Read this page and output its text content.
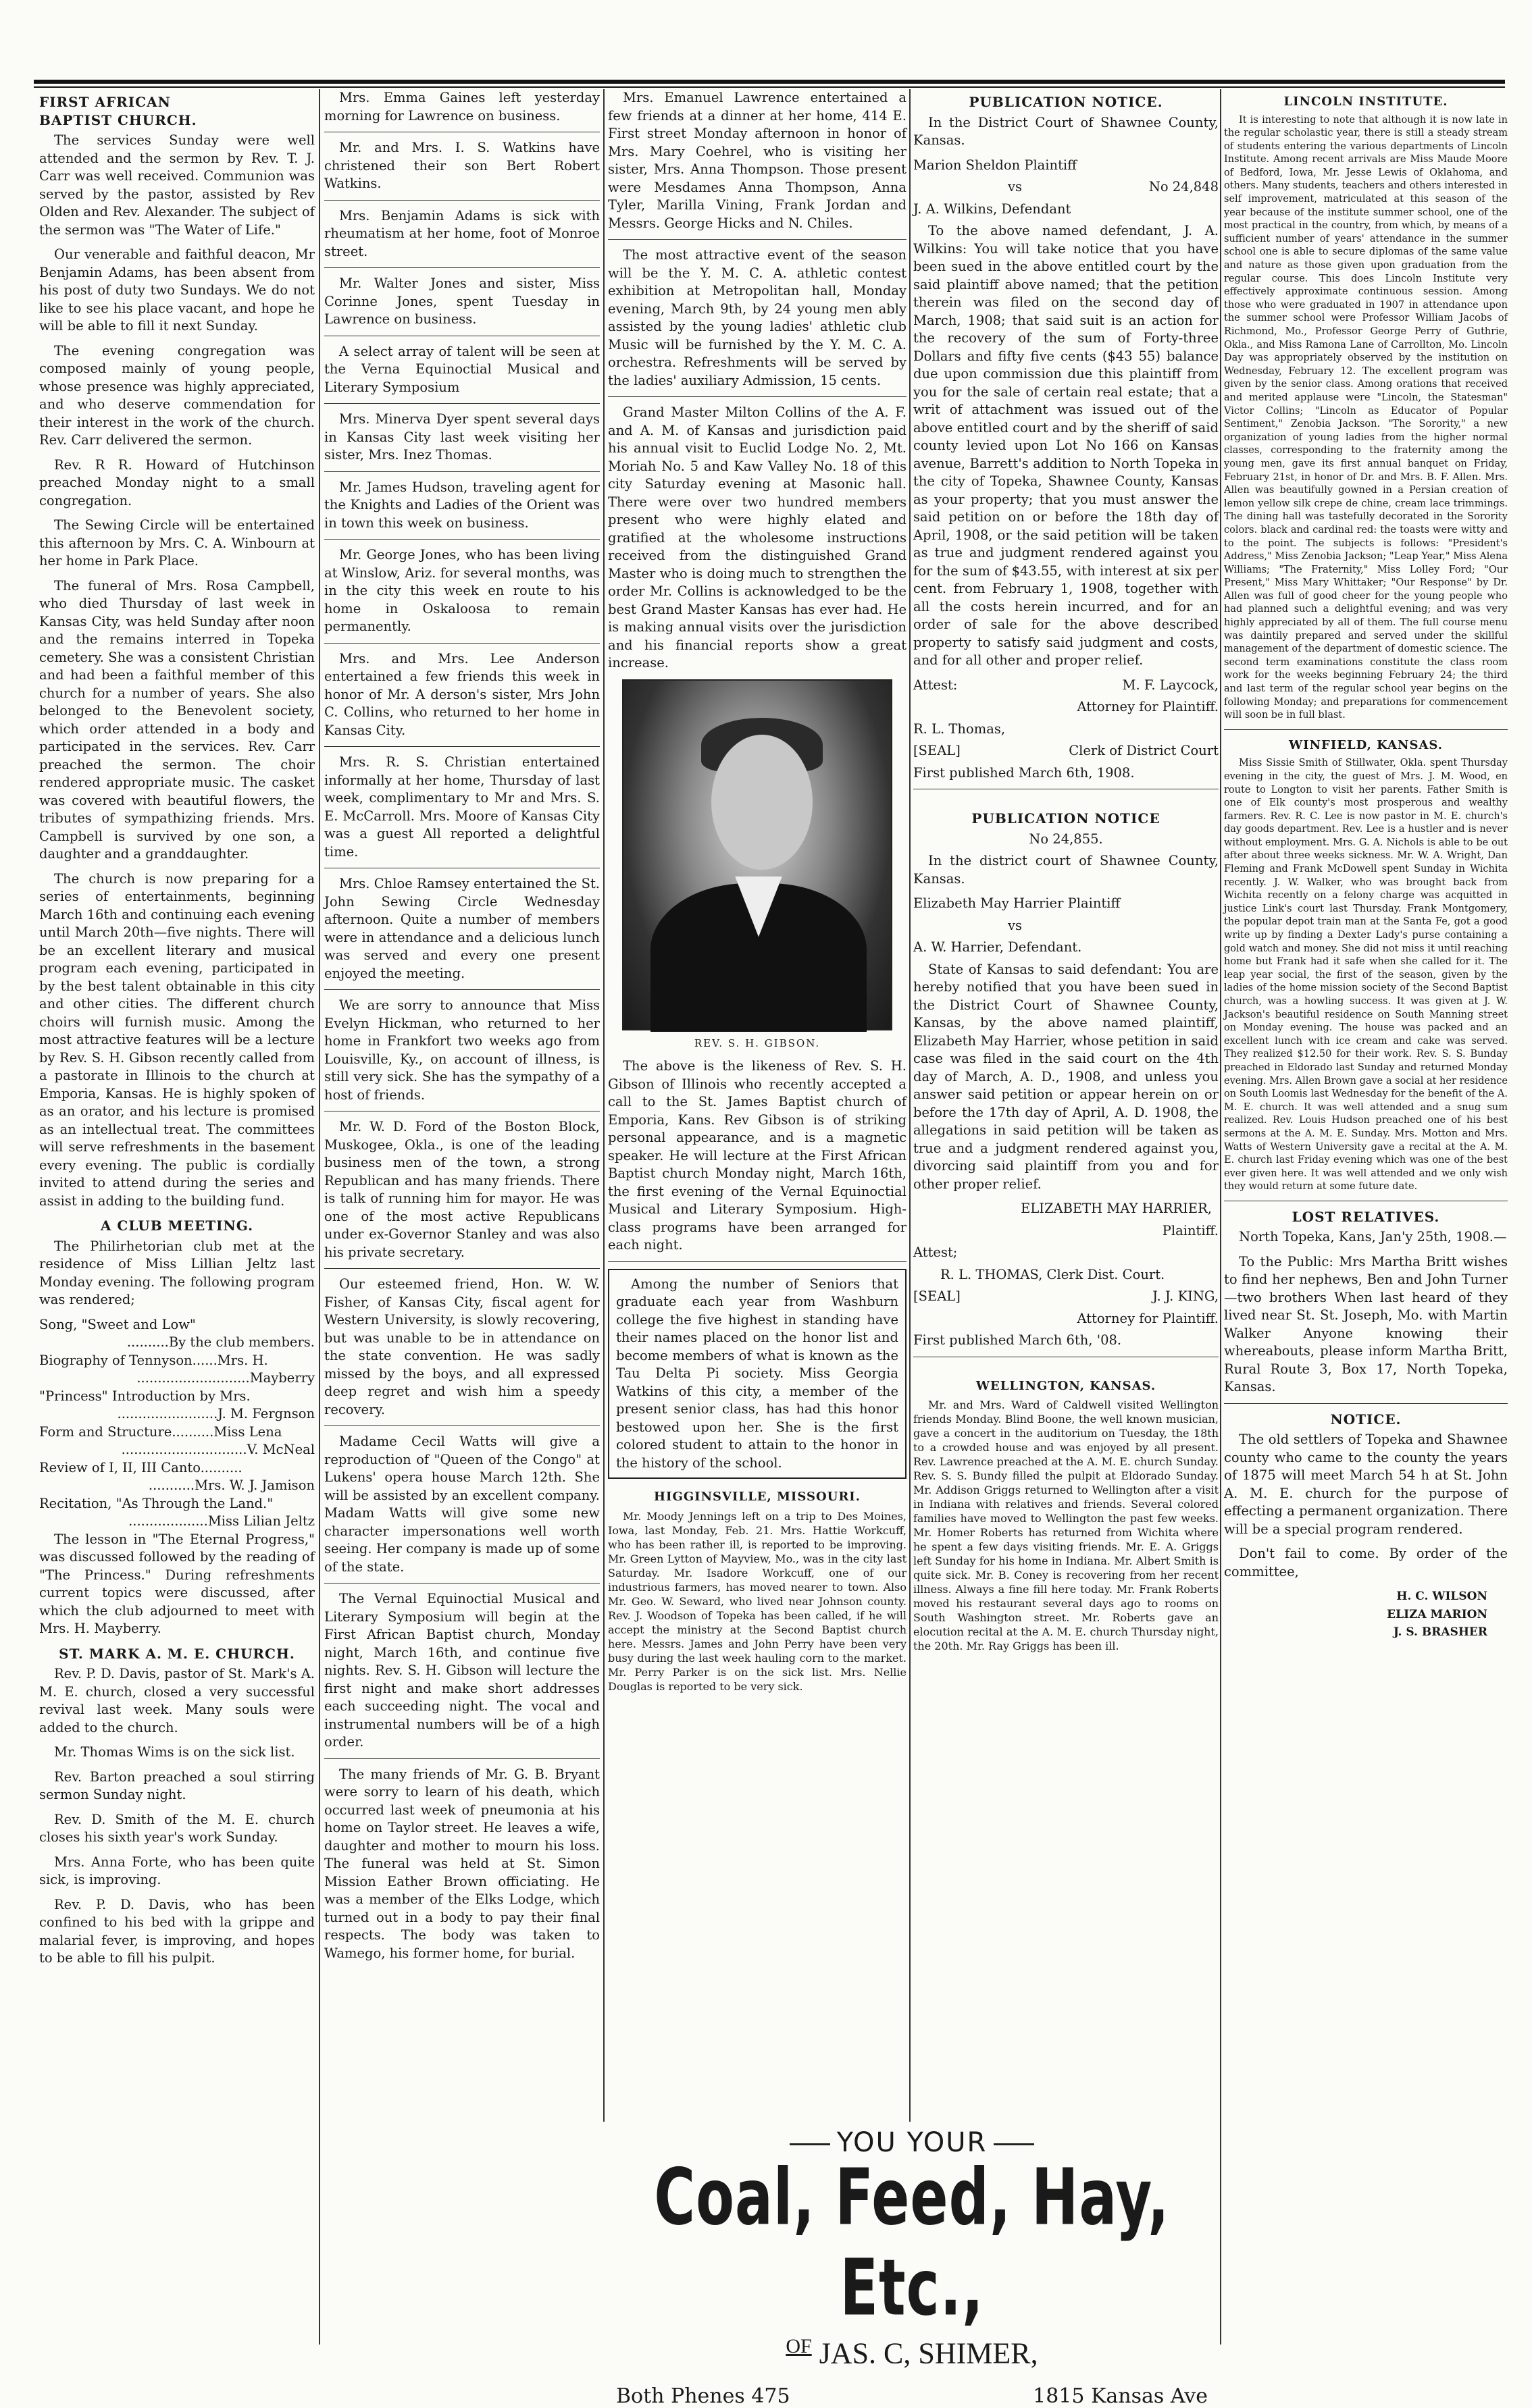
FIRST AFRICAN
BAPTIST CHURCH.

The services Sunday were well attended and the sermon by Rev. T. J. Carr was well received. Communion was served by the pastor, assisted by Rev Olden and Rev. Alexander. The subject of the sermon was "The Water of Life."

Our venerable and faithful deacon, Mr Benjamin Adams, has been absent from his post of duty two Sundays. We do not like to see his place vacant, and hope he will be able to fill it next Sunday.

The evening congregation was composed mainly of young people, whose presence was highly appreciated, and who deserve commendation for their interest in the work of the church. Rev. Carr delivered the sermon.

Rev. R R. Howard of Hutchinson preached Monday night to a small congregation.

The Sewing Circle will be entertained this afternoon by Mrs. C. A. Winbourn at her home in Park Place.

The funeral of Mrs. Rosa Campbell, who died Thursday of last week in Kansas City, was held Sunday after noon and the remains interred in Topeka cemetery. She was a consistent Christian and had been a faithful member of this church for a number of years. She also belonged to the Benevolent society, which order attended in a body and participated in the services. Rev. Carr preached the sermon. The choir rendered appropriate music. The casket was covered with beautiful flowers, the tributes of sympathizing friends. Mrs. Campbell is survived by one son, a daughter and a granddaughter.

The church is now preparing for a series of entertainments, beginning March 16th and continuing each evening until March 20th—five nights. There will be an excellent literary and musical program each evening, participated in by the best talent obtainable in this city and other cities. The different church choirs will furnish music. Among the most attractive features will be a lecture by Rev. S. H. Gibson recently called from a pastorate in Illinois to the church at Emporia, Kansas. He is highly spoken of as an orator, and his lecture is promised as an intellectual treat. The committees will serve refreshments in the basement every evening. The public is cordially invited to attend during the series and assist in adding to the building fund.

A CLUB MEETING.

The Philirhetorian club met at the residence of Miss Lillian Jeltz last Monday evening. The following program was rendered;

Song, "Sweet and Low"
..........By the club members.
Biography of Tennyson......Mrs. H.
...........................Mayberry
"Princess" Introduction by Mrs.
........................J. M. Fergnson
Form and Structure..........Miss Lena
..............................V. McNeal
Review of I, II, III Canto..........
...........Mrs. W. J. Jamison
Recitation, "As Through the Land."
...................Miss Lilian Jeltz

The lesson in "The Eternal Progress," was discussed followed by the reading of "The Princess." During refreshments current topics were discussed, after which the club adjourned to meet with Mrs. H. Mayberry.

ST. MARK A. M. E. CHURCH.

Rev. P. D. Davis, pastor of St. Mark's A. M. E. church, closed a very successful revival last week. Many souls were added to the church.

Mr. Thomas Wims is on the sick list.

Rev. Barton preached a soul stirring sermon Sunday night.

Rev. D. Smith of the M. E. church closes his sixth year's work Sunday.

Mrs. Anna Forte, who has been quite sick, is improving.

Rev. P. D. Davis, who has been confined to his bed with la grippe and malarial fever, is improving, and hopes to be able to fill his pulpit.

Mrs. Emma Gaines left yesterday morning for Lawrence on business.

Mr. and Mrs. I. S. Watkins have christened their son Bert Robert Watkins.

Mrs. Benjamin Adams is sick with rheumatism at her home, foot of Monroe street.

Mr. Walter Jones and sister, Miss Corinne Jones, spent Tuesday in Lawrence on business.

A select array of talent will be seen at the Verna Equinoctial Musical and Literary Symposium

Mrs. Minerva Dyer spent several days in Kansas City last week visiting her sister, Mrs. Inez Thomas.

Mr. James Hudson, traveling agent for the Knights and Ladies of the Orient was in town this week on business.

Mr. George Jones, who has been living at Winslow, Ariz. for several months, was in the city this week en route to his home in Oskaloosa to remain permanently.

Mrs. and Mrs. Lee Anderson entertained a few friends this week in honor of Mr. A derson's sister, Mrs John C. Collins, who returned to her home in Kansas City.

Mrs. R. S. Christian entertained informally at her home, Thursday of last week, complimentary to Mr and Mrs. S. E. McCarroll. Mrs. Moore of Kansas City was a guest All reported a delightful time.

Mrs. Chloe Ramsey entertained the St. John Sewing Circle Wednesday afternoon. Quite a number of members were in attendance and a delicious lunch was served and every one present enjoyed the meeting.

We are sorry to announce that Miss Evelyn Hickman, who returned to her home in Frankfort two weeks ago from Louisville, Ky., on account of illness, is still very sick. She has the sympathy of a host of friends.

Mr. W. D. Ford of the Boston Block, Muskogee, Okla., is one of the leading business men of the town, a strong Republican and has many friends. There is talk of running him for mayor. He was one of the most active Republicans under ex-Governor Stanley and was also his private secretary.

Our esteemed friend, Hon. W. W. Fisher, of Kansas City, fiscal agent for Western University, is slowly recovering, but was unable to be in attendance on the state convention. He was sadly missed by the boys, and all expressed deep regret and wish him a speedy recovery.

Madame Cecil Watts will give a reproduction of "Queen of the Congo" at Lukens' opera house March 12th. She will be assisted by an excellent company. Madam Watts will give some new character impersonations well worth seeing. Her company is made up of some of the state.

The Vernal Equinoctial Musical and Literary Symposium will begin at the First African Baptist church, Monday night, March 16th, and continue five nights. Rev. S. H. Gibson will lecture the first night and make short addresses each succeeding night. The vocal and instrumental numbers will be of a high order.

The many friends of Mr. G. B. Bryant were sorry to learn of his death, which occurred last week of pneumonia at his home on Taylor street. He leaves a wife, daughter and mother to mourn his loss. The funeral was held at St. Simon Mission Eather Brown officiating. He was a member of the Elks Lodge, which turned out in a body to pay their final respects. The body was taken to Wamego, his former home, for burial.

Mrs. Emanuel Lawrence entertained a few friends at a dinner at her home, 414 E. First street Monday afternoon in honor of Mrs. Mary Coehrel, who is visiting her sister, Mrs. Anna Thompson. Those present were Mesdames Anna Thompson, Anna Tyler, Marilla Vining, Frank Jordan and Messrs. George Hicks and N. Chiles.

The most attractive event of the season will be the Y. M. C. A. athletic contest exhibition at Metropolitan hall, Monday evening, March 9th, by 24 young men ably assisted by the young ladies' athletic club Music will be furnished by the Y. M. C. A. orchestra. Refreshments will be served by the ladies' auxiliary Admission, 15 cents.

Grand Master Milton Collins of the A. F. and A. M. of Kansas and jurisdiction paid his annual visit to Euclid Lodge No. 2, Mt. Moriah No. 5 and Kaw Valley No. 18 of this city Saturday evening at Masonic hall. There were over two hundred members present who were highly elated and gratified at the wholesome instructions received from the distinguished Grand Master who is doing much to strengthen the order Mr. Collins is acknowledged to be the best Grand Master Kansas has ever had. He is making annual visits over the jurisdiction and his financial reports show a great increase.

REV. S. H. GIBSON.

The above is the likeness of Rev. S. H. Gibson of Illinois who recently accepted a call to the St. James Baptist church of Emporia, Kans. Rev Gibson is of striking personal appearance, and is a magnetic speaker. He will lecture at the First African Baptist church Monday night, March 16th, the first evening of the Vernal Equinoctial Musical and Literary Symposium. High-class programs have been arranged for each night.

Among the number of Seniors that graduate each year from Washburn college the five highest in standing have their names placed on the honor list and become members of what is known as the Tau Delta Pi society. Miss Georgia Watkins of this city, a member of the present senior class, has had this honor bestowed upon her. She is the first colored student to attain to the honor in the history of the school.

HIGGINSVILLE, MISSOURI.

Mr. Moody Jennings left on a trip to Des Moines, Iowa, last Monday, Feb. 21. Mrs. Hattie Workcuff, who has been rather ill, is reported to be improving. Mr. Green Lytton of Mayview, Mo., was in the city last Saturday. Mr. Isadore Workcuff, one of our industrious farmers, has moved nearer to town. Also Mr. Geo. W. Seward, who lived near Johnson county. Rev. J. Woodson of Topeka has been called, if he will accept the ministry at the Second Baptist church here. Messrs. James and John Perry have been very busy during the last week hauling corn to the market. Mr. Perry Parker is on the sick list. Mrs. Nellie Douglas is reported to be very sick.

PUBLICATION NOTICE.

In the District Court of Shawnee County, Kansas.

Marion Sheldon Plaintiff
vs	No 24,848
J. A. Wilkins, Defendant

To the above named defendant, J. A. Wilkins: You will take notice that you have been sued in the above entitled court by the said plaintiff above named; that the petition therein was filed on the second day of March, 1908; that said suit is an action for the recovery of the sum of Forty-three Dollars and fifty five cents ($43 55) balance due upon commission due this plaintiff from you for the sale of certain real estate; that a writ of attachment was issued out of the above entitled court and by the sheriff of said county levied upon Lot No 166 on Kansas avenue, Barrett's addition to North Topeka in the city of Topeka, Shawnee County, Kansas as your property; that you must answer the said petition on or before the 18th day of April, 1908, or the said petition will be taken as true and judgment rendered against you for the sum of $43.55, with interest at six per cent. from February 1, 1908, together with all the costs herein incurred, and for an order of sale for the above described property to satisfy said judgment and costs, and for all other and proper relief.

Attest:	M. F. Laycock,
Attorney for Plaintiff.
R. L. Thomas,
[SEAL]	Clerk of District Court
First published March 6th, 1908.
PUBLICATION NOTICE
No 24,855.

In the district court of Shawnee County, Kansas.

Elizabeth May Harrier Plaintiff
vs
A. W. Harrier, Defendant.

State of Kansas to said defendant: You are hereby notified that you have been sued in the District Court of Shawnee County, Kansas, by the above named plaintiff, Elizabeth May Harrier, whose petition in said case was filed in the said court on the 4th day of March, A. D., 1908, and unless you answer said petition or appear herein on or before the 17th day of April, A. D. 1908, the allegations in said petition will be taken as true and a judgment rendered against you, divorcing said plaintiff from you and for other proper relief.

ELIZABETH MAY HARRIER,
Plaintiff.
Attest;
R. L. THOMAS, Clerk Dist. Court.
[SEAL]	J. J. KING,
Attorney for Plaintiff.
First published March 6th, '08.
WELLINGTON, KANSAS.

Mr. and Mrs. Ward of Caldwell visited Wellington friends Monday. Blind Boone, the well known musician, gave a concert in the auditorium on Tuesday, the 18th to a crowded house and was enjoyed by all present. Rev. Lawrence preached at the A. M. E. church Sunday. Rev. S. S. Bundy filled the pulpit at Eldorado Sunday. Mr. Addison Griggs returned to Wellington after a visit in Indiana with relatives and friends. Several colored families have moved to Wellington the past few weeks. Mr. Homer Roberts has returned from Wichita where he spent a few days visiting friends. Mr. E. A. Griggs left Sunday for his home in Indiana. Mr. Albert Smith is quite sick. Mr. B. Coney is recovering from her recent illness. Always a fine fill here today. Mr. Frank Roberts moved his restaurant several days ago to rooms on South Washington street. Mr. Roberts gave an elocution recital at the A. M. E. church Thursday night, the 20th. Mr. Ray Griggs has been ill.

LINCOLN INSTITUTE.

It is interesting to note that although it is now late in the regular scholastic year, there is still a steady stream of students entering the various departments of Lincoln Institute. Among recent arrivals are Miss Maude Moore of Bedford, Iowa, Mr. Jesse Lewis of Oklahoma, and others. Many students, teachers and others interested in self improvement, matriculated at this season of the year because of the institute summer school, one of the most practical in the country, from which, by means of a sufficient number of years' attendance in the summer school one is able to secure diplomas of the same value and nature as those given upon graduation from the regular course. This does Lincoln Institute very effectively approximate continuous session. Among those who were graduated in 1907 in attendance upon the summer school were Professor William Jacobs of Richmond, Mo., Professor George Perry of Guthrie, Okla., and Miss Ramona Lane of Carrollton, Mo. Lincoln Day was appropriately observed by the institution on Wednesday, February 12. The excellent program was given by the senior class. Among orations that received and merited applause were "Lincoln, the Statesman" Victor Collins; "Lincoln as Educator of Popular Sentiment," Zenobia Jackson. "The Sorority," a new organization of young ladies from the higher normal classes, corresponding to the fraternity among the young men, gave its first annual banquet on Friday, February 21st, in honor of Dr. and Mrs. B. F. Allen. Mrs. Allen was beautifully gowned in a Persian creation of lemon yellow silk crepe de chine, cream lace trimmings. The dining hall was tastefully decorated in the Sorority colors. black and cardinal red: the toasts were witty and to the point. The subjects is follows: "President's Address," Miss Zenobia Jackson; "Leap Year," Miss Alena Williams; "The Fraternity," Miss Lolley Ford; "Our Present," Miss Mary Whittaker; "Our Response" by Dr. Allen was full of good cheer for the young people who had planned such a delightful evening; and was very highly appreciated by all of them. The full course menu was daintily prepared and served under the skillful management of the department of domestic science. The second term examinations constitute the class room work for the weeks beginning February 24; the third and last term of the regular school year begins on the following Monday; and preparations for commencement will soon be in full blast.

WINFIELD, KANSAS.

Miss Sissie Smith of Stillwater, Okla. spent Thursday evening in the city, the guest of Mrs. J. M. Wood, en route to Longton to visit her parents. Father Smith is one of Elk county's most prosperous and wealthy farmers. Rev. R. C. Lee is now pastor in M. E. church's day goods department. Rev. Lee is a hustler and is never without employment. Mrs. G. A. Nichols is able to be out after about three weeks sickness. Mr. W. A. Wright, Dan Fleming and Frank McDowell spent Sunday in Wichita recently. J. W. Walker, who was brought back from Wichita recently on a felony charge was acquitted in justice Link's court last Thursday. Frank Montgomery, the popular depot train man at the Santa Fe, got a good write up by finding a Dexter Lady's purse containing a gold watch and money. She did not miss it until reaching home but Frank had it safe when she called for it. The leap year social, the first of the season, given by the ladies of the home mission society of the Second Baptist church, was a howling success. It was given at J. W. Jackson's beautiful residence on South Manning street on Monday evening. The house was packed and an excellent lunch with ice cream and cake was served. They realized $12.50 for their work. Rev. S. S. Bunday preached in Eldorado last Sunday and returned Monday evening. Mrs. Allen Brown gave a social at her residence on South Loomis last Wednesday for the benefit of the A. M. E. church. It was well attended and a snug sum realized. Rev. Louis Hudson preached one of his best sermons at the A. M. E. Sunday. Mrs. Motton and Mrs. Watts of Western University gave a recital at the A. M. E. church last Friday evening which was one of the best ever given here. It was well attended and we only wish they would return at some future date.

LOST RELATIVES.

North Topeka, Kans, Jan'y 25th, 1908.—

To the Public: Mrs Martha Britt wishes to find her nephews, Ben and John Turner—two brothers When last heard of they lived near St. St. Joseph, Mo. with Martin Walker Anyone knowing their whereabouts, please inform Martha Britt, Rural Route 3, Box 17, North Topeka, Kansas.

NOTICE.

The old settlers of Topeka and Shawnee county who came to the county the years of 1875 will meet March 54 h at St. John A. M. E. church for the purpose of effecting a permanent organization. There will be a special program rendered.

Don't fail to come. By order of the committee,

H. C. WILSON
ELIZA MARION
J. S. BRASHER
YOU YOUR
Coal, Feed, Hay, Etc.,
$^{OF}$ JAS. C, SHIMER,
Both Phenes 475	1815 Kansas Ave
